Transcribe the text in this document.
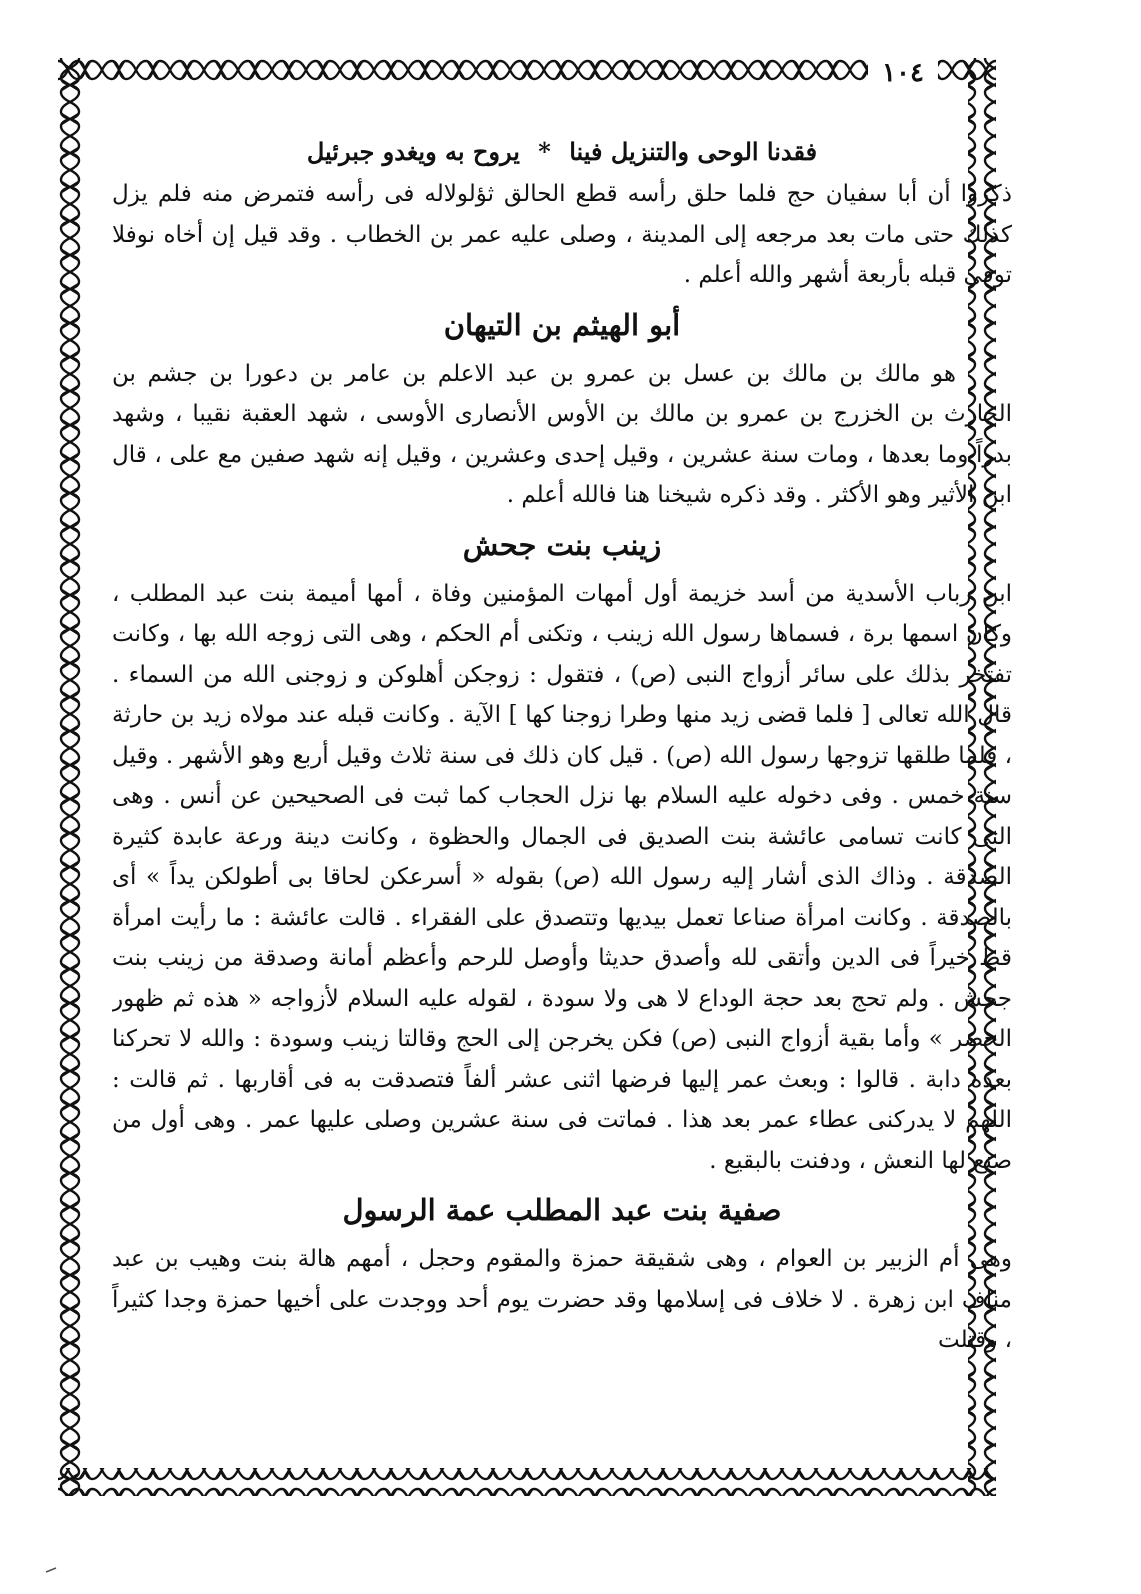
١٠٤

فقدنا الوحى والتنزيل فينا * يروح به ويغدو جبرئيل

ذكروا أن أبا سفيان حج فلما حلق رأسه قطع الحالق ثؤلولاله فى رأسه فتمرض منه فلم يزل كذلك حتى مات بعد مرجعه إلى المدينة ، وصلى عليه عمر بن الخطاب . وقد قيل إن أخاه نوفلا توفى قبله بأربعة أشهر والله أعلم .

أبو الهيثم بن التيهان

هو مالك بن مالك بن عسل بن عمرو بن عبد الاعلم بن عامر بن دعورا بن جشم بن الحارث بن الخزرج بن عمرو بن مالك بن الأوس الأنصارى الأوسى ، شهد العقبة نقيبا ، وشهد بدراً وما بعدها ، ومات سنة عشرين ، وقيل إحدى وعشرين ، وقيل إنه شهد صفين مع على ، قال ابن الأثير وهو الأكثر . وقد ذكره شيخنا هنا فالله أعلم .

زينب بنت جحش

ابن رباب الأسدية من أسد خزيمة أول أمهات المؤمنين وفاة ، أمها أميمة بنت عبد المطلب ، وكان اسمها برة ، فسماها رسول الله زينب ، وتكنى أم الحكم ، وهى التى زوجه الله بها ، وكانت تفتخر بذلك على سائر أزواج النبى (ص) ، فتقول : زوجكن أهلوكن و زوجنى الله من السماء . قال الله تعالى [ فلما قضى زيد منها وطرا زوجنا كها ] الآية . وكانت قبله عند مولاه زيد بن حارثة ، فلما طلقها تزوجها رسول الله (ص) . قيل كان ذلك فى سنة ثلاث وقيل أربع وهو الأشهر . وقيل سنة خمس . وفى دخوله عليه السلام بها نزل الحجاب كما ثبت فى الصحيحين عن أنس . وهى التى كانت تسامى عائشة بنت الصديق فى الجمال والحظوة ، وكانت دينة ورعة عابدة كثيرة الصدقة . وذاك الذى أشار إليه رسول الله (ص) بقوله « أسرعكن لحاقا بى أطولكن يداً » أى بالصدقة . وكانت امرأة صناعا تعمل بيديها وتتصدق على الفقراء . قالت عائشة : ما رأيت امرأة قط خيراً فى الدين وأتقى لله وأصدق حديثا وأوصل للرحم وأعظم أمانة وصدقة من زينب بنت جحش . ولم تحج بعد حجة الوداع لا هى ولا سودة ، لقوله عليه السلام لأزواجه « هذه ثم ظهور الحصر » وأما بقية أزواج النبى (ص) فكن يخرجن إلى الحج وقالتا زينب وسودة : والله لا تحركنا بعده دابة . قالوا : وبعث عمر إليها فرضها اثنى عشر ألفاً فتصدقت به فى أقاربها . ثم قالت : اللهم لا يدركنى عطاء عمر بعد هذا . فماتت فى سنة عشرين وصلى عليها عمر . وهى أول من صنع لها النعش ، ودفنت بالبقيع .

صفية بنت عبد المطلب عمة الرسول

وهى أم الزبير بن العوام ، وهى شقيقة حمزة والمقوم وحجل ، أمهم هالة بنت وهيب بن عبد مناف ابن زهرة . لا خلاف فى إسلامها وقد حضرت يوم أحد ووجدت على أخيها حمزة وجدا كثيراً ، وقتلت
